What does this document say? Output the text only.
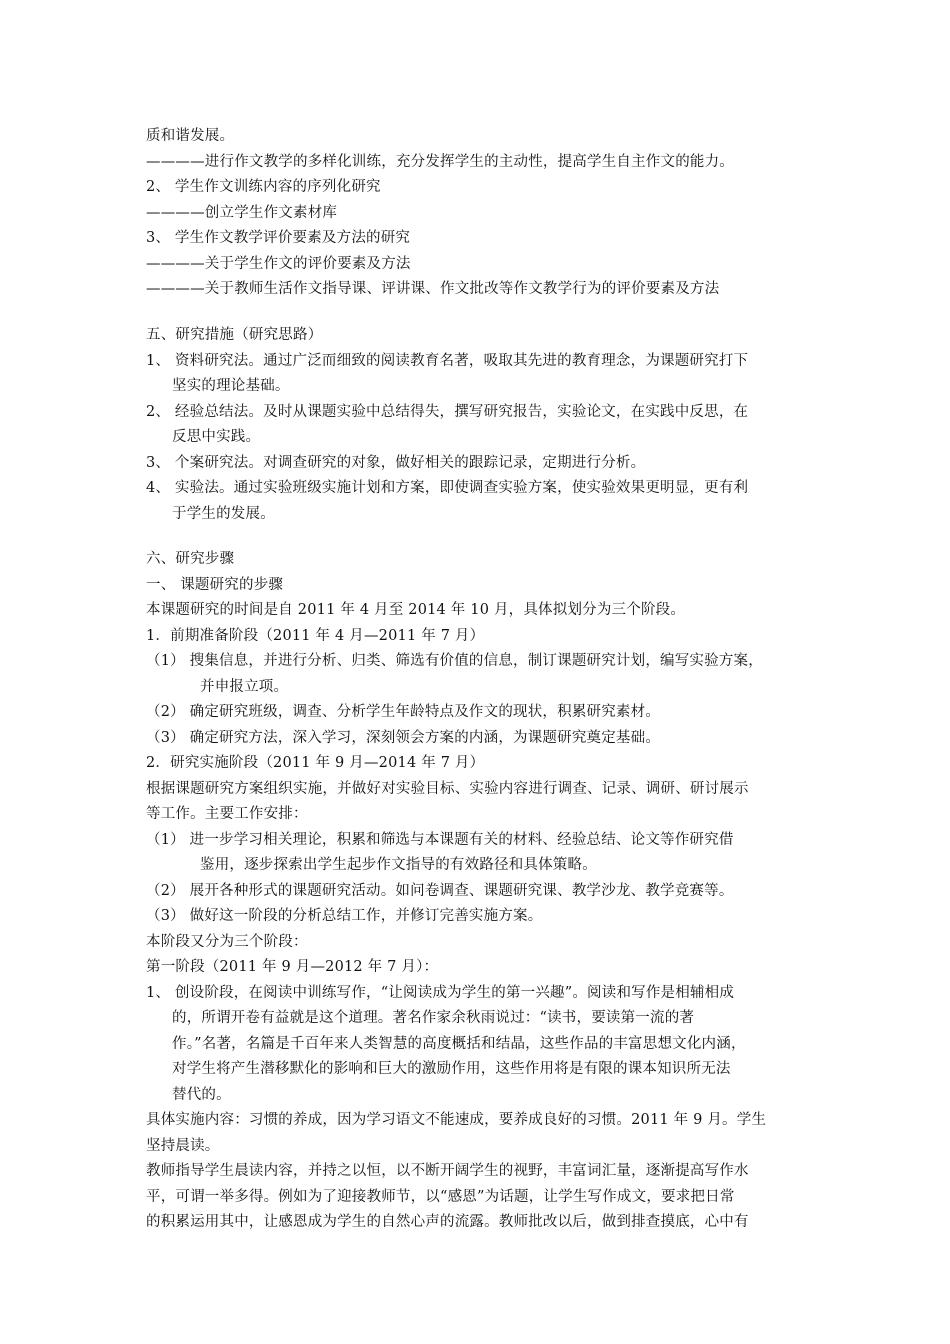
质和谐发展。
————进行作文教学的多样化训练，充分发挥学生的主动性，提高学生自主作文的能力。
2、 学生作文训练内容的序列化研究
————创立学生作文素材库
3、 学生作文教学评价要素及方法的研究
————关于学生作文的评价要素及方法
————关于教师生活作文指导课、评讲课、作文批改等作文教学行为的评价要素及方法
五、研究措施（研究思路）
1、 资料研究法。通过广泛而细致的阅读教育名著，吸取其先进的教育理念，为课题研究打下
坚实的理论基础。
2、 经验总结法。及时从课题实验中总结得失，撰写研究报告，实验论文，在实践中反思，在
反思中实践。
3、 个案研究法。对调查研究的对象，做好相关的跟踪记录，定期进行分析。
4、 实验法。通过实验班级实施计划和方案，即使调查实验方案，使实验效果更明显，更有利
于学生的发展。
六、研究步骤
一、 课题研究的步骤
本课题研究的时间是自 2011 年 4 月至 2014 年 10 月，具体拟划分为三个阶段。
1．前期准备阶段（2011 年 4 月—2011 年 7 月）
（1） 搜集信息，并进行分析、归类、筛选有价值的信息，制订课题研究计划，编写实验方案，
并申报立项。
（2） 确定研究班级，调查、分析学生年龄特点及作文的现状，积累研究素材。
（3） 确定研究方法，深入学习，深刻领会方案的内涵，为课题研究奠定基础。
2．研究实施阶段（2011 年 9 月—2014 年 7 月）
根据课题研究方案组织实施，并做好对实验目标、实验内容进行调查、记录、调研、研讨展示
等工作。主要工作安排：
（1） 进一步学习相关理论，积累和筛选与本课题有关的材料、经验总结、论文等作研究借
鉴用，逐步探索出学生起步作文指导的有效路径和具体策略。
（2） 展开各种形式的课题研究活动。如问卷调查、课题研究课、教学沙龙、教学竞赛等。
（3） 做好这一阶段的分析总结工作，并修订完善实施方案。
本阶段又分为三个阶段：
第一阶段（2011 年 9 月—2012 年 7 月）：
1、 创设阶段，在阅读中训练写作，“让阅读成为学生的第一兴趣”。阅读和写作是相辅相成
的，所谓开卷有益就是这个道理。著名作家余秋雨说过：“读书，要读第一流的著
作。”名著，名篇是千百年来人类智慧的高度概括和结晶，这些作品的丰富思想文化内涵，
对学生将产生潜移默化的影响和巨大的激励作用，这些作用将是有限的课本知识所无法
替代的。
具体实施内容：习惯的养成，因为学习语文不能速成，要养成良好的习惯。2011 年 9 月。学生
坚持晨读。
教师指导学生晨读内容，并持之以恒，以不断开阔学生的视野，丰富词汇量，逐渐提高写作水
平，可谓一举多得。例如为了迎接教师节，以“感恩”为话题，让学生写作成文，要求把日常
的积累运用其中，让感恩成为学生的自然心声的流露。教师批改以后，做到排查摸底，心中有
